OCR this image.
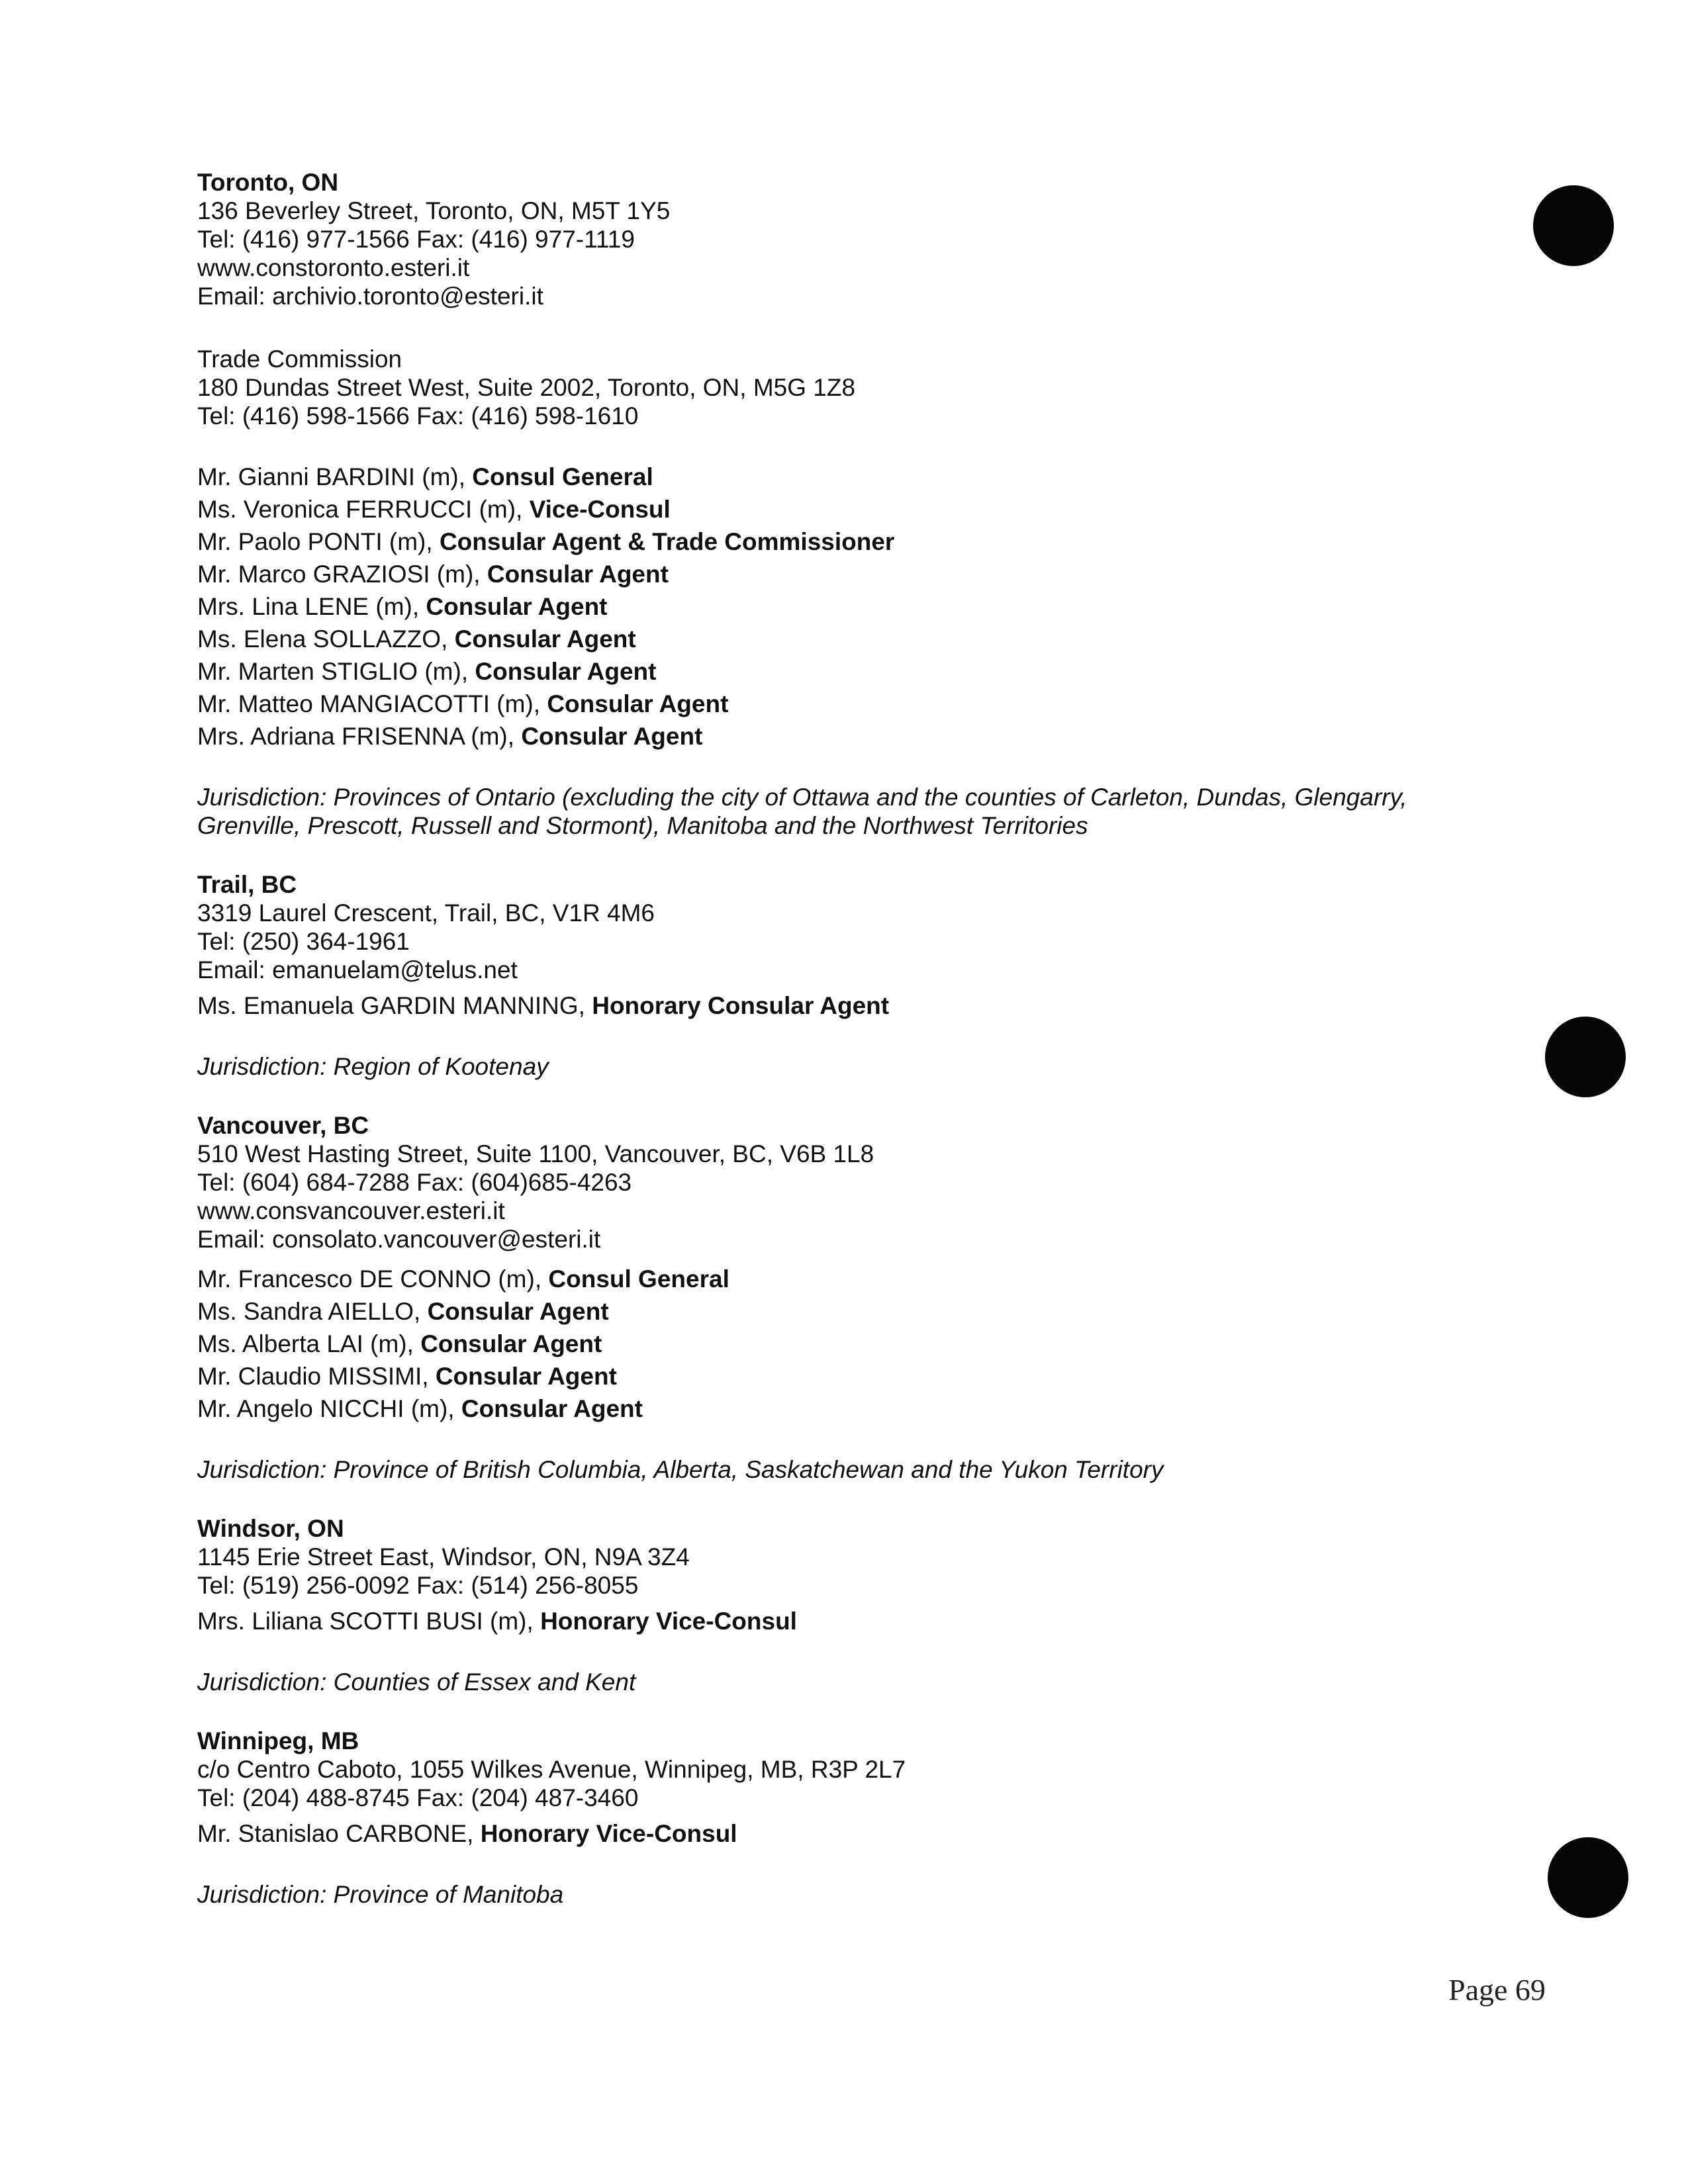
Toronto, ON
136 Beverley Street, Toronto, ON, M5T 1Y5
Tel: (416) 977-1566 Fax: (416) 977-1119
www.constoronto.esteri.it
Email: archivio.toronto@esteri.it
Trade Commission
180 Dundas Street West, Suite 2002, Toronto, ON, M5G 1Z8
Tel: (416) 598-1566 Fax: (416) 598-1610
Mr. Gianni BARDINI (m), Consul General
Ms. Veronica FERRUCCI (m), Vice-Consul
Mr. Paolo PONTI (m), Consular Agent & Trade Commissioner
Mr. Marco GRAZIOSI (m), Consular Agent
Mrs. Lina LENE (m), Consular Agent
Ms. Elena SOLLAZZO, Consular Agent
Mr. Marten STIGLIO (m), Consular Agent
Mr. Matteo MANGIACOTTI (m), Consular Agent
Mrs. Adriana FRISENNA (m), Consular Agent
Jurisdiction: Provinces of Ontario (excluding the city of Ottawa and the counties of Carleton, Dundas, Glengarry, Grenville, Prescott, Russell and Stormont), Manitoba and the Northwest Territories
Trail, BC
3319 Laurel Crescent, Trail, BC, V1R 4M6
Tel: (250) 364-1961
Email: emanuelam@telus.net
Ms. Emanuela GARDIN MANNING, Honorary Consular Agent
Jurisdiction: Region of Kootenay
Vancouver, BC
510 West Hasting Street, Suite 1100, Vancouver, BC, V6B 1L8
Tel: (604) 684-7288 Fax: (604)685-4263
www.consvancouver.esteri.it
Email: consolato.vancouver@esteri.it
Mr. Francesco DE CONNO (m), Consul General
Ms. Sandra AIELLO, Consular Agent
Ms. Alberta LAI (m), Consular Agent
Mr. Claudio MISSIMI, Consular Agent
Mr. Angelo NICCHI (m), Consular Agent
Jurisdiction: Province of British Columbia, Alberta, Saskatchewan and the Yukon Territory
Windsor, ON
1145 Erie Street East, Windsor, ON, N9A 3Z4
Tel: (519) 256-0092 Fax: (514) 256-8055
Mrs. Liliana SCOTTI BUSI (m), Honorary Vice-Consul
Jurisdiction: Counties of Essex and Kent
Winnipeg, MB
c/o Centro Caboto, 1055 Wilkes Avenue, Winnipeg, MB, R3P 2L7
Tel: (204) 488-8745 Fax: (204) 487-3460
Mr. Stanislao CARBONE, Honorary Vice-Consul
Jurisdiction: Province of Manitoba
Page 69
